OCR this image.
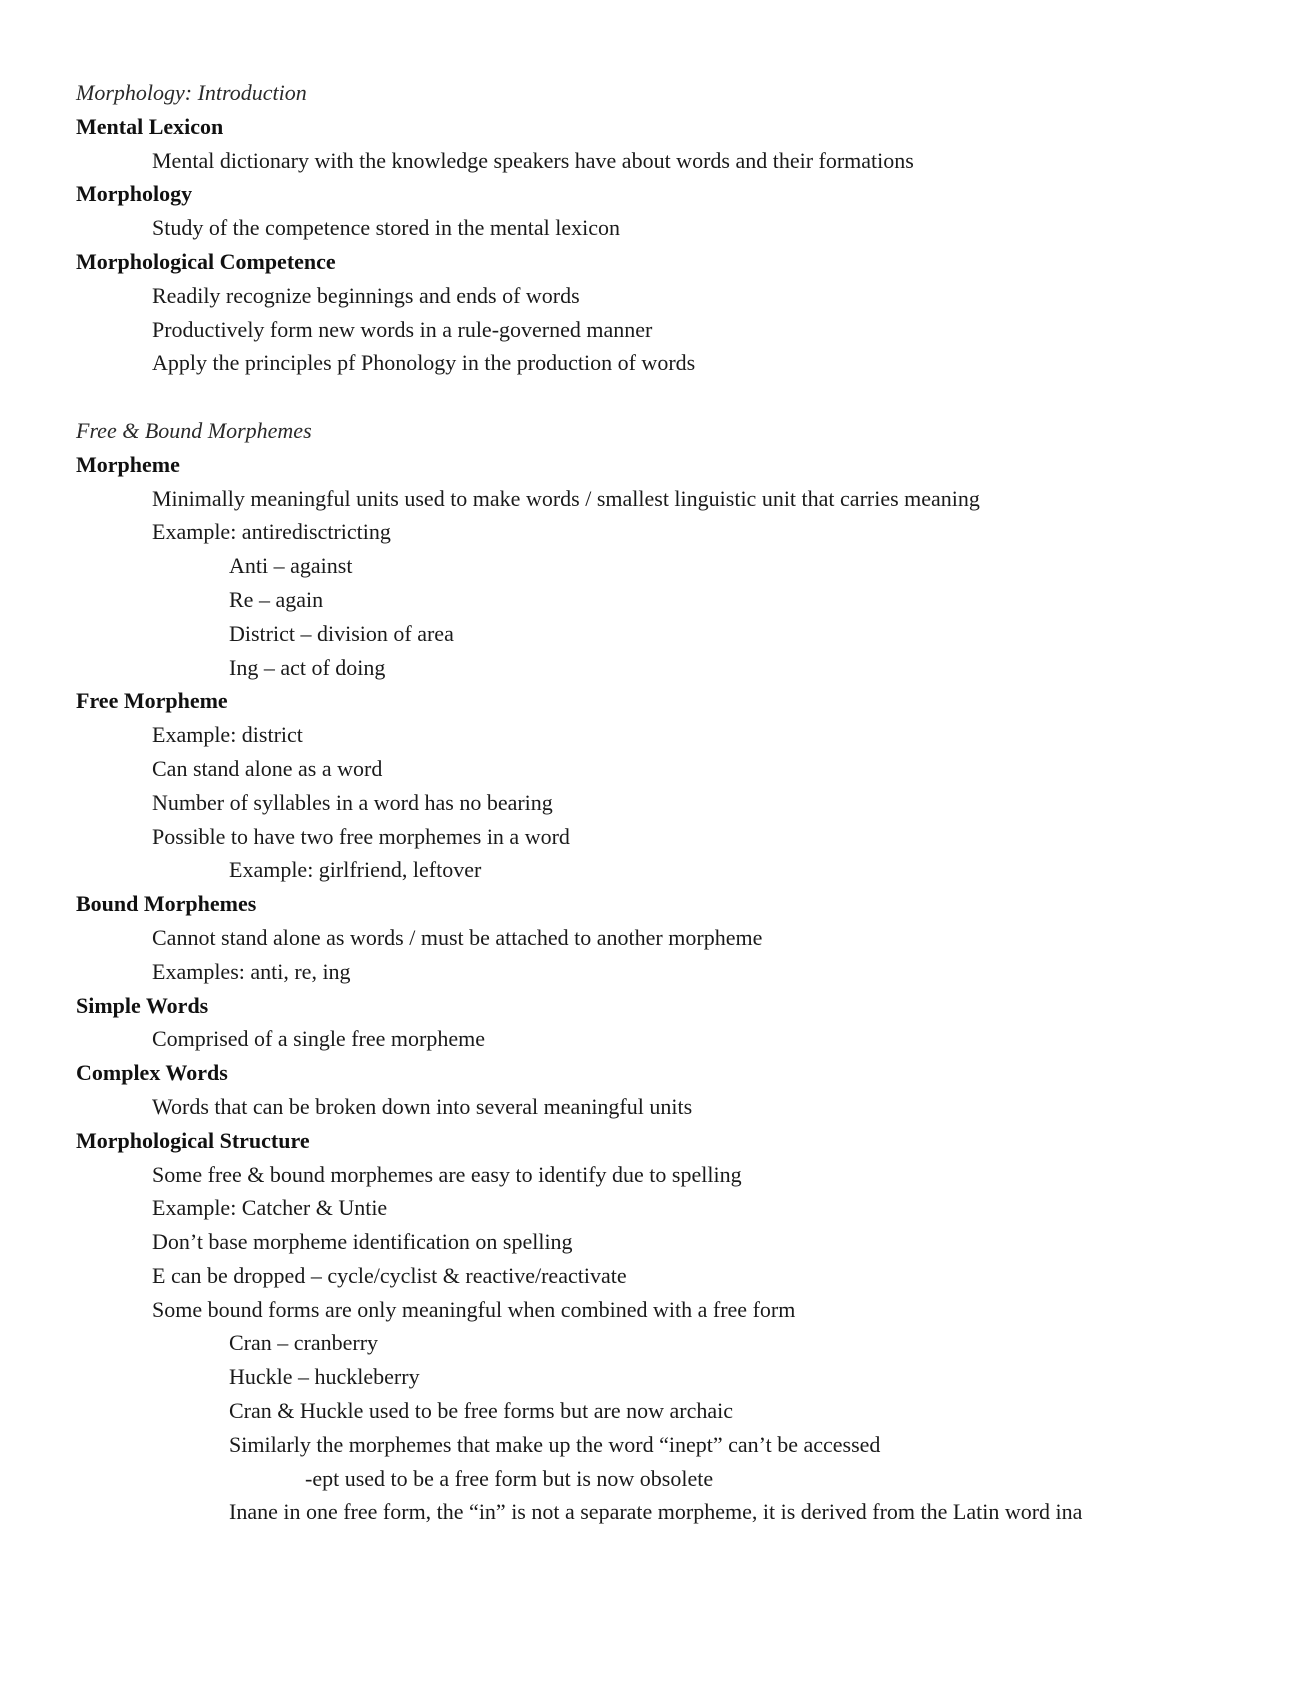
Morphology: Introduction
Mental Lexicon
Mental dictionary with the knowledge speakers have about words and their formations
Morphology
Study of the competence stored in the mental lexicon
Morphological Competence
Readily recognize beginnings and ends of words
Productively form new words in a rule-governed manner
Apply the principles pf Phonology in the production of words
Free & Bound Morphemes
Morpheme
Minimally meaningful units used to make words / smallest linguistic unit that carries meaning
Example: antiredisctricting
Anti – against
Re – again
District – division of area
Ing – act of doing
Free Morpheme
Example: district
Can stand alone as a word
Number of syllables in a word has no bearing
Possible to have two free morphemes in a word
Example: girlfriend, leftover
Bound Morphemes
Cannot stand alone as words / must be attached to another morpheme
Examples: anti, re, ing
Simple Words
Comprised of a single free morpheme
Complex Words
Words that can be broken down into several meaningful units
Morphological Structure
Some free & bound morphemes are easy to identify due to spelling
Example: Catcher & Untie
Don’t base morpheme identification on spelling
E can be dropped – cycle/cyclist & reactive/reactivate
Some bound forms are only meaningful when combined with a free form
Cran – cranberry
Huckle – huckleberry
Cran & Huckle used to be free forms but are now archaic
Similarly the morphemes that make up the word “inept” can’t be accessed
-ept used to be a free form but is now obsolete
Inane in one free form, the “in” is not a separate morpheme, it is derived from the Latin word ina
